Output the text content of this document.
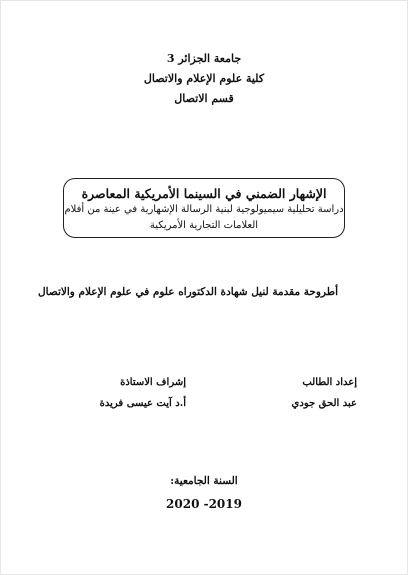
جامعة الجزائر 3
كلية علوم الإعلام والاتصال
قسم الاتصال
الإشهار الضمني في السينما الأمريكية المعاصرة
دراسة تحليلية سيميولوجية لبنية الرسالة الإشهارية في عينة من أفلام
العلامات التجارية الأمريكية
أطروحة مقدمة لنيل شهادة الدكتوراه علوم في علوم الإعلام والاتصال
إعداد الطالب
عبد الحق جودي
إشراف الاستاذة
أ.د آيت عيسى فريدة
السنة الجامعية:
2020 -2019
